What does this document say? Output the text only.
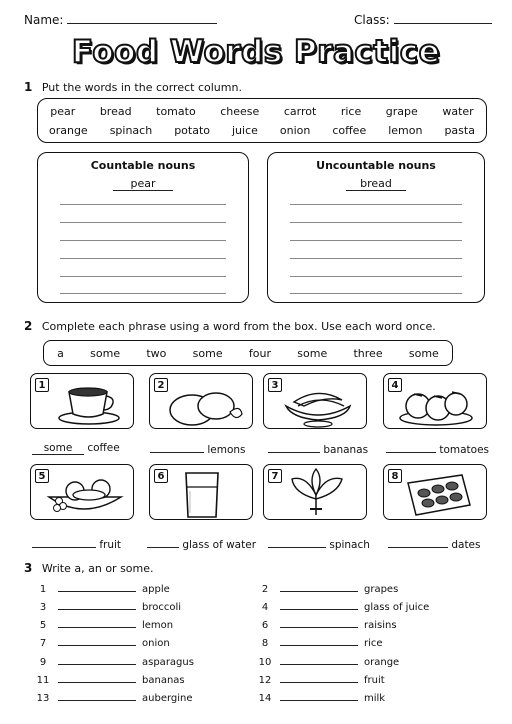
Name:	Class:
Food Words Practice
1 Put the words in the correct column.
pear bread tomato cheese carrot rice grape water
orange spinach potato juice onion coffee lemon pasta
Countable nouns
pear
Uncountable nouns
bread
2 Complete each phrase using a word from the box. Use each word once.
a some two some four some three some
1	2	3	4
some coffee	lemons	bananas	tomatoes
5	6	7	8
fruit	glass of water	spinach	dates
3 Write a, an or some.
1	apple
3	broccoli
5	lemon
7	onion
9	asparagus
11	bananas
13	aubergine
2	grapes
4	glass of juice
6	raisins
8	rice
10	orange
12	fruit
14	milk
